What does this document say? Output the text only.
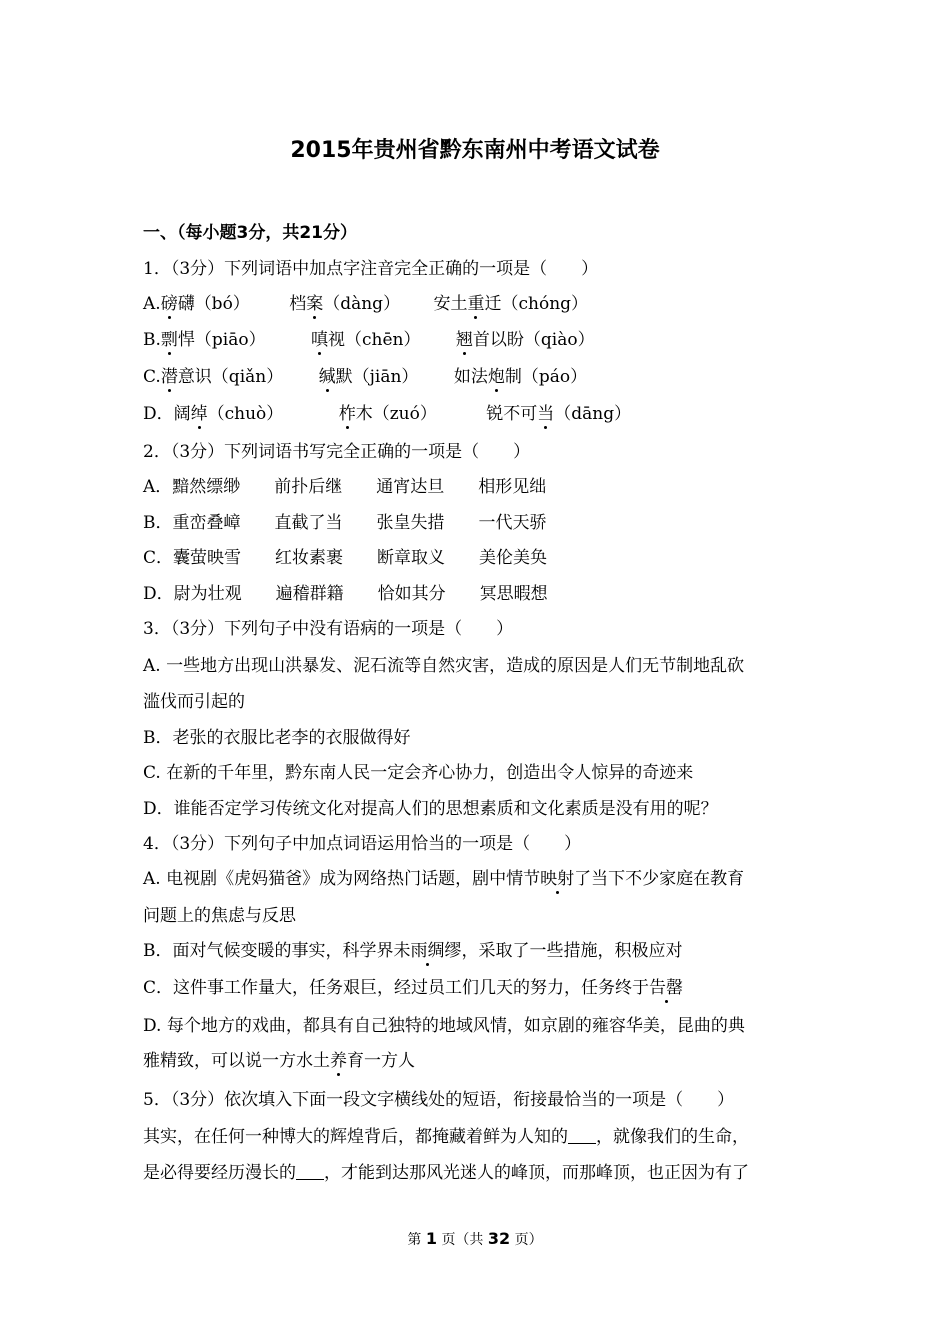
2015年贵州省黔东南州中考语文试卷
一、（每小题3分，共21分）
1．（3分）下列词语中加点字注音完全正确的一项是（　　）
A.磅礴（bó） 档案（dàng） 安土重迁（chóng）
B.剽悍（piāo）	嗔视（chēn） 翘首以盼（qiào）
C.潜意识（qiǎn） 缄默（jiān） 如法炮制（páo）
D．阔绰（chuò）	柞木（zuó）	锐不可当（dāng）
2．（3分）下列词语书写完全正确的一项是（　　）
A．黯然缥缈　　前扑后继　　通宵达旦　　相形见绌
B．重峦叠嶂　　直截了当　　张皇失措　　一代天骄
C．囊萤映雪　　红妆素裹　　断章取义　　美伦美奂
D．尉为壮观　　遍稽群籍　　恰如其分　　冥思暇想
3．（3分）下列句子中没有语病的一项是（　　）
A. 一些地方出现山洪暴发、泥石流等自然灾害，造成的原因是人们无节制地乱砍
滥伐而引起的
B．老张的衣服比老李的衣服做得好
C. 在新的千年里，黔东南人民一定会齐心协力，创造出令人惊异的奇迹来
D．谁能否定学习传统文化对提高人们的思想素质和文化素质是没有用的呢？
4．（3分）下列句子中加点词语运用恰当的一项是（　　）
A. 电视剧《虎妈猫爸》成为网络热门话题，剧中情节映射了当下不少家庭在教育
问题上的焦虑与反思
B．面对气候变暖的事实，科学界未雨绸缪，采取了一些措施，积极应对
C．这件事工作量大，任务艰巨，经过员工们几天的努力，任务终于告罄
D. 每个地方的戏曲，都具有自己独特的地域风情，如京剧的雍容华美，昆曲的典
雅精致，可以说一方水土养育一方人
5．（3分）依次填入下面一段文字横线处的短语，衔接最恰当的一项是（　　）
其实，在任何一种博大的辉煌背后，都掩藏着鲜为人知的 ，就像我们的生命，
是必得要经历漫长的 ，才能到达那风光迷人的峰顶，而那峰顶，也正因为有了
第 1 页（共 32 页）
